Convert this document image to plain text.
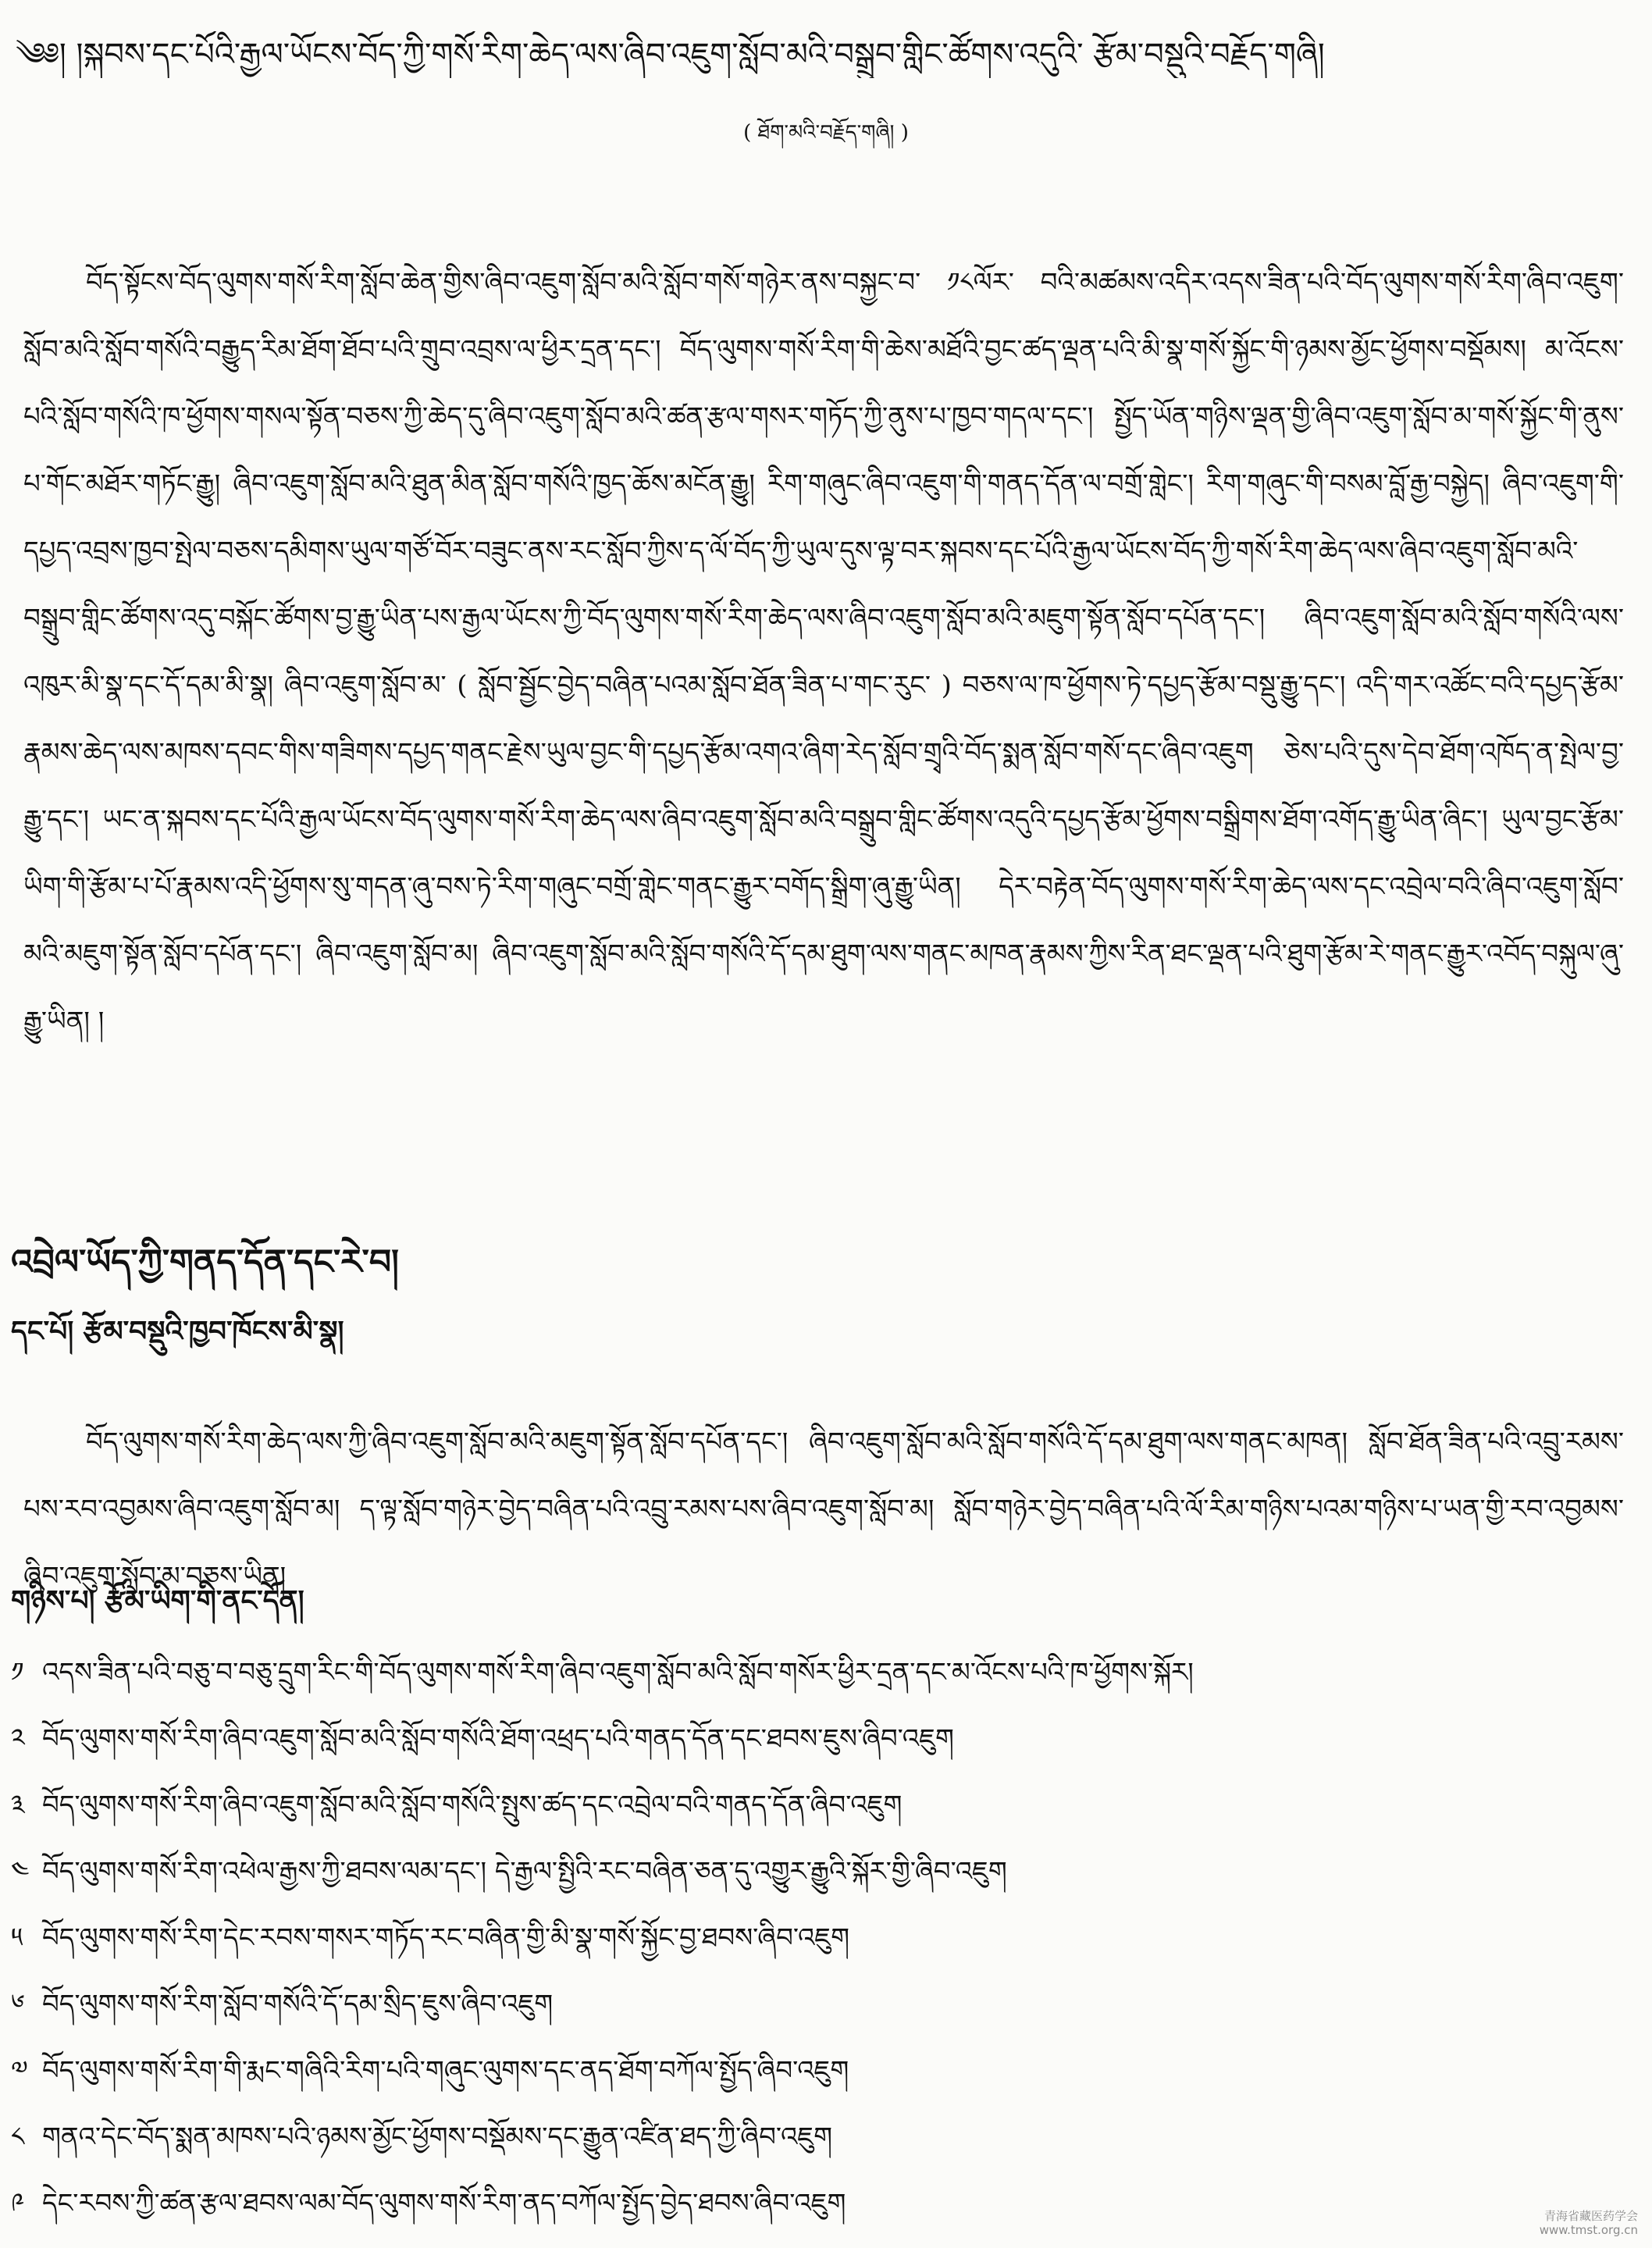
༄༅། །སྐབས་དང་པོའི་རྒྱལ་ཡོངས་བོད་ཀྱི་གསོ་རིག་ཆེད་ལས་ཞིབ་འཇུག་སློབ་མའི་བསྒྲུབ་གླིང་ཚོགས་འདུའི་ རྩོམ་བསྡུའི་བརྗོད་གཞི།
( ཐོག་མའི་བརྗོད་གཞི། )

བོད་སྟོངས་བོད་ལུགས་གསོ་རིག་སློབ་ཆེན་གྱིས་ཞིབ་འཇུག་སློབ་མའི་སློབ་གསོ་གཉེར་ནས་བསྐྱང་བ་ ༡༨ལོར་ བའི་མཚམས་འདིར་འདས་ཟིན་པའི་བོད་ལུགས་གསོ་རིག་ཞིབ་འཇུག་སློབ་མའི་སློབ་གསོའི་བརྒྱུད་རིམ་ཐོག་ཐོབ་པའི་གྲུབ་འབྲས་ལ་ཕྱིར་དྲན་དང་། བོད་ལུགས་གསོ་རིག་གི་ཆེས་མཐོའི་བྱང་ཚད་ལྡན་པའི་མི་སྣ་གསོ་སྐྱོང་གི་ཉམས་མྱོང་ཕྱོགས་བསྡོམས། མ་འོངས་པའི་སློབ་གསོའི་ཁ་ཕྱོགས་གསལ་སྟོན་བཅས་ཀྱི་ཆེད་དུ་ཞིབ་འཇུག་སློབ་མའི་ཚན་རྩལ་གསར་གཏོད་ཀྱི་ནུས་པ་ཁྱབ་གདལ་དང་། སྤྱོད་ཡོན་གཉིས་ལྡན་གྱི་ཞིབ་འཇུག་སློབ་མ་གསོ་སྐྱོང་གི་ནུས་པ་གོང་མཐོར་གཏོང་རྒྱུ། ཞིབ་འཇུག་སློབ་མའི་ཐུན་མིན་སློབ་གསོའི་ཁྱད་ཆོས་མངོན་རྒྱུ། རིག་གཞུང་ཞིབ་འཇུག་གི་གནད་དོན་ལ་བགྲོ་གླེང་། རིག་གཞུང་གི་བསམ་བློ་རྒྱ་བསྐྱེད། ཞིབ་འཇུག་གི་དཔྱད་འབྲས་ཁྱབ་སྤེལ་བཅས་དམིགས་ཡུལ་གཙོ་བོར་བཟུང་ནས་རང་སློབ་ཀྱིས་ད་ལོ་བོད་ཀྱི་ཡུལ་དུས་ལྟ་བར་སྐབས་དང་པོའི་རྒྱལ་ཡོངས་བོད་ཀྱི་གསོ་རིག་ཆེད་ལས་ཞིབ་འཇུག་སློབ་མའི་བསྒྲུབ་གླིང་ཚོགས་འདུ་བསྐོང་ཚོགས་བྱ་རྒྱུ་ཡིན་པས་རྒྱལ་ཡོངས་ཀྱི་བོད་ལུགས་གསོ་རིག་ཆེད་ལས་ཞིབ་འཇུག་སློབ་མའི་མཇུག་སྟོན་སློབ་དཔོན་དང་། ཞིབ་འཇུག་སློབ་མའི་སློབ་གསོའི་ལས་འཁུར་མི་སྣ་དང་དོ་དམ་མི་སྣ། ཞིབ་འཇུག་སློབ་མ་ ( སློབ་སྦྱོང་བྱེད་བཞིན་པའམ་སློབ་ཐོན་ཟིན་པ་གང་རུང་ ) བཅས་ལ་ཁ་ཕྱོགས་ཏེ་དཔྱད་རྩོམ་བསྡུ་རྒྱུ་དང་། འདི་གར་འཚོང་བའི་དཔྱད་རྩོམ་རྣམས་ཆེད་ལས་མཁས་དབང་གིས་གཟིགས་དཔྱད་གནང་རྗེས་ཡུལ་བྱང་གི་དཔྱད་རྩོམ་འགའ་ཞིག་རེད་སློབ་གྲྭའི་བོད་སྨན་སློབ་གསོ་དང་ཞིབ་འཇུག ཅེས་པའི་དུས་དེབ་ཐོག་འཁོད་ན་སྤེལ་བྱ་རྒྱུ་དང་། ཡང་ན་སྐབས་དང་པོའི་རྒྱལ་ཡོངས་བོད་ལུགས་གསོ་རིག་ཆེད་ལས་ཞིབ་འཇུག་སློབ་མའི་བསྒྲུབ་གླིང་ཚོགས་འདུའི་དཔྱད་རྩོམ་ཕྱོགས་བསྒྲིགས་ཐོག་འགོད་རྒྱུ་ཡིན་ཞིང་། ཡུལ་བྱང་རྩོམ་ཡིག་གི་རྩོམ་པ་པོ་རྣམས་འདི་ཕྱོགས་སུ་གདན་ཞུ་བས་ཏེ་རིག་གཞུང་བགྲོ་གླེང་གནང་རྒྱུར་བགོད་སྒྲིག་ཞུ་རྒྱུ་ཡིན། དེར་བརྟེན་བོད་ལུགས་གསོ་རིག་ཆེད་ལས་དང་འབྲེལ་བའི་ཞིབ་འཇུག་སློབ་མའི་མཇུག་སྟོན་སློབ་དཔོན་དང་། ཞིབ་འཇུག་སློབ་མ། ཞིབ་འཇུག་སློབ་མའི་སློབ་གསོའི་དོ་དམ་ཐུག་ལས་གནང་མཁན་རྣམས་ཀྱིས་རིན་ཐང་ལྡན་པའི་ཐུག་རྩོམ་རེ་གནང་རྒྱུར་འབོད་བསྐུལ་ཞུ་རྒྱུ་ཡིན། །

འབྲེལ་ཡོད་ཀྱི་གནད་དོན་དང་རེ་བ།
དང་པོ། རྩོམ་བསྡུའི་ཁྱབ་ཁོངས་མི་སྣ།

བོད་ལུགས་གསོ་རིག་ཆེད་ལས་ཀྱི་ཞིབ་འཇུག་སློབ་མའི་མཇུག་སྟོན་སློབ་དཔོན་དང་། ཞིབ་འཇུག་སློབ་མའི་སློབ་གསོའི་དོ་དམ་ཐུག་ལས་གནང་མཁན། སློབ་ཐོན་ཟིན་པའི་འབྲུ་རམས་པས་རབ་འབྱམས་ཞིབ་འཇུག་སློབ་མ། ད་ལྟ་སློབ་གཉེར་བྱེད་བཞིན་པའི་འབྲུ་རམས་པས་ཞིབ་འཇུག་སློབ་མ། སློབ་གཉེར་བྱེད་བཞིན་པའི་ལོ་རིམ་གཉིས་པའམ་གཉིས་པ་ཡན་གྱི་རབ་འབྱམས་ཞིབ་འཇུག་སློབ་མ་བཅས་ཡིན།

གཉིས་པ། རྩོམ་ཡིག་གི་ནང་དོན།
༡ འདས་ཟིན་པའི་བཅུ་བ་བཅུ་དྲུག་རིང་གི་བོད་ལུགས་གསོ་རིག་ཞིབ་འཇུག་སློབ་མའི་སློབ་གསོར་ཕྱིར་དྲན་དང་མ་འོངས་པའི་ཁ་ཕྱོགས་སྐོར།
༢ བོད་ལུགས་གསོ་རིག་ཞིབ་འཇུག་སློབ་མའི་སློབ་གསོའི་ཐོག་འཕྲད་པའི་གནད་དོན་དང་ཐབས་ཇུས་ཞིབ་འཇུག
༣ བོད་ལུགས་གསོ་རིག་ཞིབ་འཇུག་སློབ་མའི་སློབ་གསོའི་སྤུས་ཚད་དང་འབྲེལ་བའི་གནད་དོན་ཞིབ་འཇུག
༤ བོད་ལུགས་གསོ་རིག་འཕེལ་རྒྱས་ཀྱི་ཐབས་ལམ་དང་། དེ་རྒྱལ་སྤྱིའི་རང་བཞིན་ཅན་དུ་འགྱུར་རྒྱུའི་སྐོར་གྱི་ཞིབ་འཇུག
༥ བོད་ལུགས་གསོ་རིག་དེང་རབས་གསར་གཏོད་རང་བཞིན་གྱི་མི་སྣ་གསོ་སྐྱོང་བྱ་ཐབས་ཞིབ་འཇུག
༦ བོད་ལུགས་གསོ་རིག་སློབ་གསོའི་དོ་དམ་སྲིད་ཇུས་ཞིབ་འཇུག
༧ བོད་ལུགས་གསོ་རིག་གི་རྨང་གཞིའི་རིག་པའི་གཞུང་ལུགས་དང་ནད་ཐོག་བཀོལ་སྤྱོད་ཞིབ་འཇུག
༨ གནའ་དེང་བོད་སྨན་མཁས་པའི་ཉམས་མྱོང་ཕྱོགས་བསྡོམས་དང་རྒྱུན་འཛིན་ཐད་ཀྱི་ཞིབ་འཇུག
༩ དེང་རབས་ཀྱི་ཚན་རྩལ་ཐབས་ལམ་བོད་ལུགས་གསོ་རིག་ནད་བཀོལ་སྤྱོད་བྱེད་ཐབས་ཞིབ་འཇུག	青海省藏医药学会
www.tmst.org.cn
